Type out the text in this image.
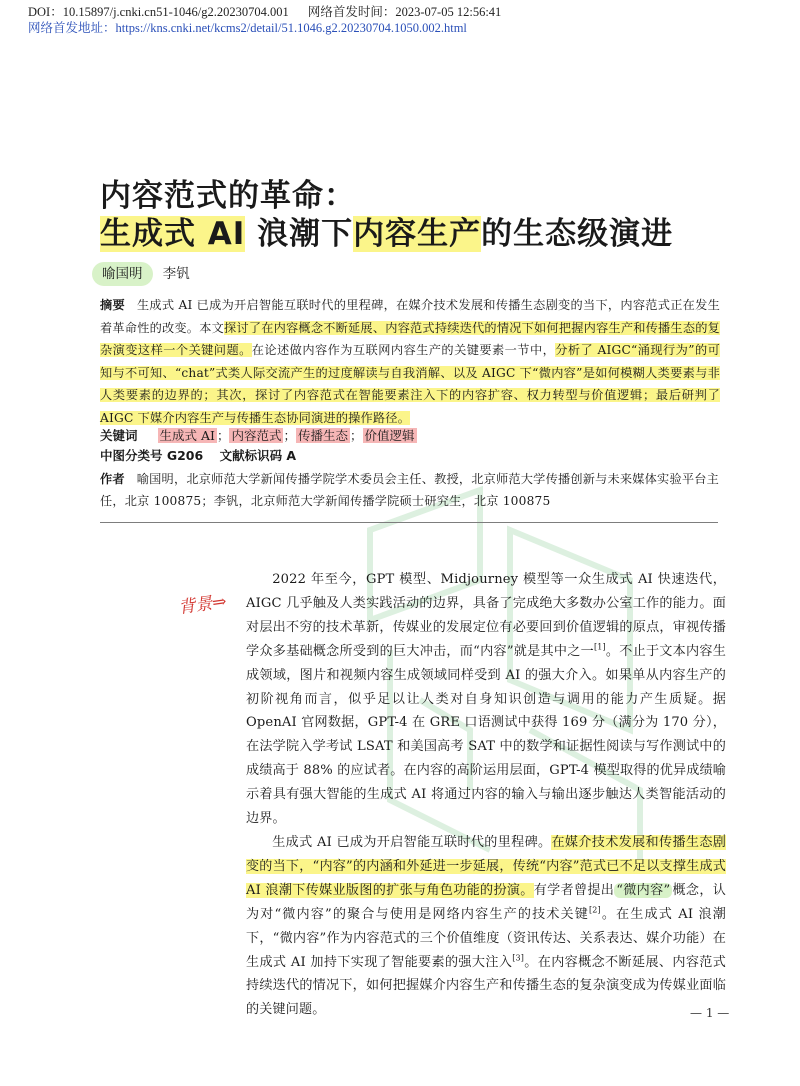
DOI：10.15897/j.cnki.cn51-1046/g2.20230704.001 网络首发时间：2023-07-05 12:56:41
网络首发地址：https://kns.cnki.net/kcms2/detail/51.1046.g2.20230704.1050.002.html
内容范式的革命：
生成式 AI 浪潮下内容生产的生态级演进
喻国明 李钒
摘要 生成式 AI 已成为开启智能互联时代的里程碑，在媒介技术发展和传播生态剧变的当下，内容范式正在发生着革命性的改变。本文探讨了在内容概念不断延展、内容范式持续迭代的情况下如何把握内容生产和传播生态的复杂演变这样一个关键问题。在论述做内容作为互联网内容生产的关键要素一节中，分析了 AIGC“涌现行为”的可知与不可知、“chat”式类人际交流产生的过度解读与自我消解、以及 AIGC 下“微内容”是如何模糊人类要素与非人类要素的边界的；其次，探讨了内容范式在智能要素注入下的内容扩容、权力转型与价值逻辑；最后研判了 AIGC 下媒介内容生产与传播生态协同演进的操作路径。
关键词 生成式 AI ； 内容范式 ； 传播生态 ； 价值逻辑
中图分类号 G206 文献标识码 A
作者 喻国明，北京师范大学新闻传播学院学术委员会主任、教授，北京师范大学传播创新与未来媒体实验平台主任，北京 100875；李钒，北京师范大学新闻传播学院硕士研究生，北京 100875
背景⇒

2022 年至今，GPT 模型、Midjourney 模型等一众生成式 AI 快速迭代，AIGC 几乎触及人类实践活动的边界，具备了完成绝大多数办公室工作的能力。面对层出不穷的技术革新，传媒业的发展定位有必要回到价值逻辑的原点，审视传播学众多基础概念所受到的巨大冲击，而“内容”就是其中之一[1]。不止于文本内容生成领域，图片和视频内容生成领域同样受到 AI 的强大介入。如果单从内容生产的初阶视角而言，似乎足以让人类对自身知识创造与调用的能力产生质疑。据 OpenAI 官网数据，GPT-4 在 GRE 口语测试中获得 169 分（满分为 170 分），在法学院入学考试 LSAT 和美国高考 SAT 中的数学和证据性阅读与写作测试中的成绩高于 88% 的应试者。在内容的高阶运用层面，GPT-4 模型取得的优异成绩喻示着具有强大智能的生成式 AI 将通过内容的输入与输出逐步触达人类智能活动的边界。

生成式 AI 已成为开启智能互联时代的里程碑。在媒介技术发展和传播生态剧变的当下，“内容”的内涵和外延进一步延展，传统“内容”范式已不足以支撑生成式 AI 浪潮下传媒业版图的扩张与角色功能的扮演。有学者曾提出 “微内容” 概念，认为对“微内容”的聚合与使用是网络内容生产的技术关键[2]。在生成式 AI 浪潮下，“微内容”作为内容范式的三个价值维度（资讯传达、关系表达、媒介功能）在生成式 AI 加持下实现了智能要素的强大注入[3]。在内容概念不断延展、内容范式持续迭代的情况下，如何把握媒介内容生产和传播生态的复杂演变成为传媒业面临的关键问题。	— 1 —
